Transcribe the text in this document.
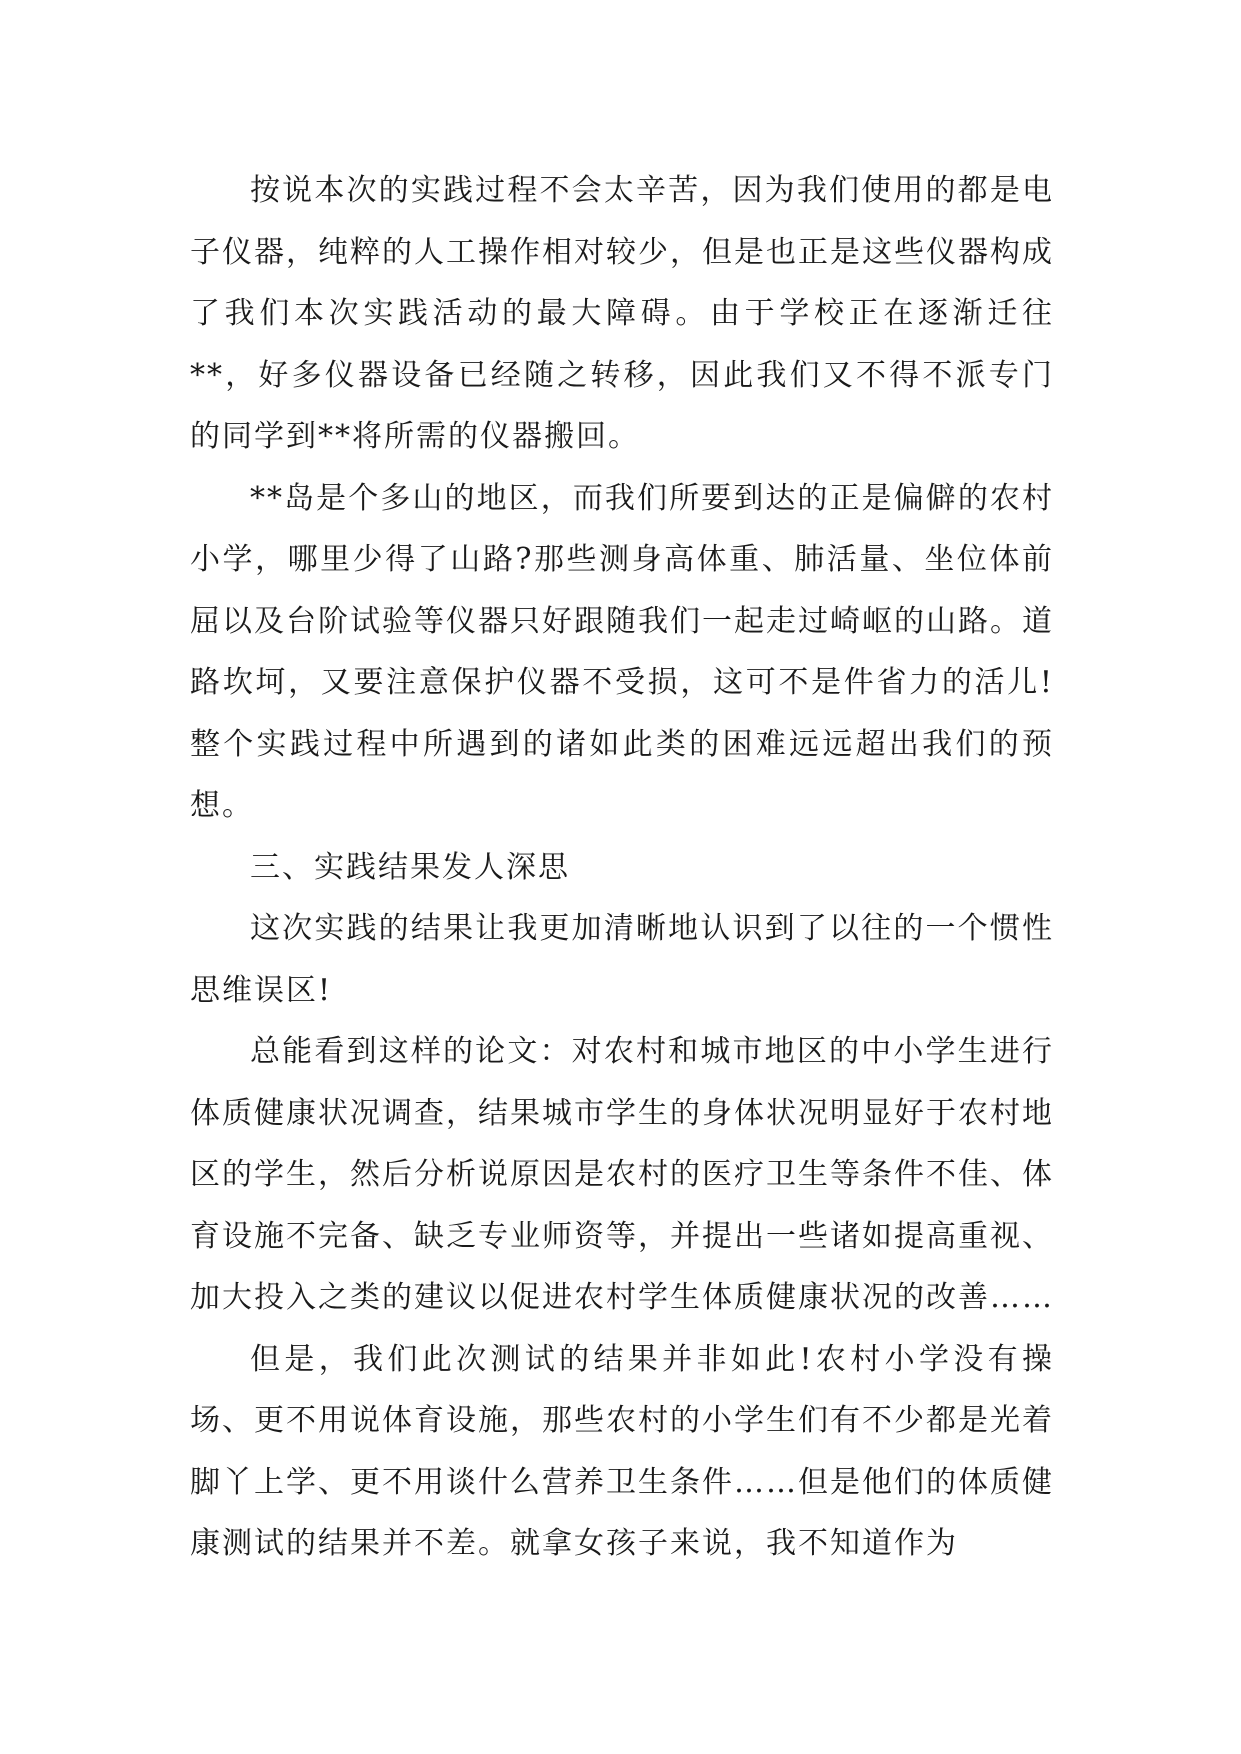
按说本次的实践过程不会太辛苦，因为我们使用的都是电子仪器，纯粹的人工操作相对较少，但是也正是这些仪器构成了我们本次实践活动的最大障碍。由于学校正在逐渐迁往**，好多仪器设备已经随之转移，因此我们又不得不派专门的同学到**将所需的仪器搬回。

**岛是个多山的地区，而我们所要到达的正是偏僻的农村小学，哪里少得了山路?那些测身高体重、肺活量、坐位体前屈以及台阶试验等仪器只好跟随我们一起走过崎岖的山路。道路坎坷，又要注意保护仪器不受损，这可不是件省力的活儿!整个实践过程中所遇到的诸如此类的困难远远超出我们的预想。

三、实践结果发人深思

这次实践的结果让我更加清晰地认识到了以往的一个惯性思维误区!

总能看到这样的论文：对农村和城市地区的中小学生进行体质健康状况调查，结果城市学生的身体状况明显好于农村地区的学生，然后分析说原因是农村的医疗卫生等条件不佳、体育设施不完备、缺乏专业师资等，并提出一些诸如提高重视、加大投入之类的建议以促进农村学生体质健康状况的改善……

但是，我们此次测试的结果并非如此!农村小学没有操场、更不用说体育设施，那些农村的小学生们有不少都是光着脚丫上学、更不用谈什么营养卫生条件……但是他们的体质健康测试的结果并不差。就拿女孩子来说，我不知道作为
